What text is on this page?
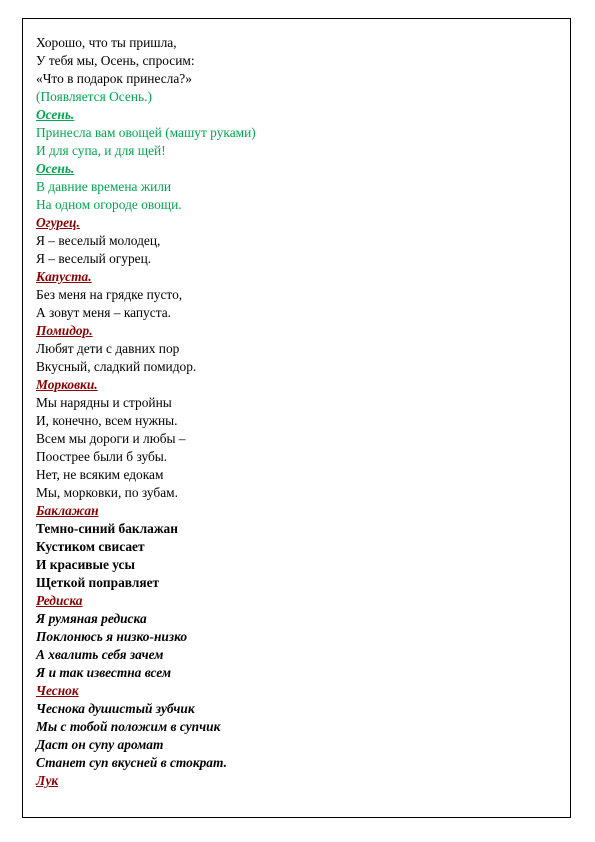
Хорошо, что ты пришла,
У тебя мы, Осень, спросим:
«Что в подарок принесла?»
(Появляется Осень.)
Осень.
Принесла вам овощей (машут руками)
И для супа, и для щей!
Осень.
В давние времена жили
На одном огороде овощи.
Огурец.
Я – веселый молодец,
Я – веселый огурец.
Капуста.
Без меня на грядке пусто,
А зовут меня – капуста.
Помидор.
Любят дети с давних пор
Вкусный, сладкий помидор.
Морковки.
Мы нарядны и стройны
И, конечно, всем нужны.
Всем мы дороги и любы –
Поострее были б зубы.
Нет, не всяким едокам
Мы, морковки, по зубам.
Баклажан
Темно-синий баклажан
Кустиком свисает
И красивые усы
Щеткой поправляет
Редиска
Я румяная редиска
Поклонюсь я низко-низко
А хвалить себя зачем
Я и так известна всем
Чеснок
Чеснока душистый зубчик
Мы с тобой положим в супчик
Даст он супу аромат
Станет суп вкусней в стократ.
Лук
